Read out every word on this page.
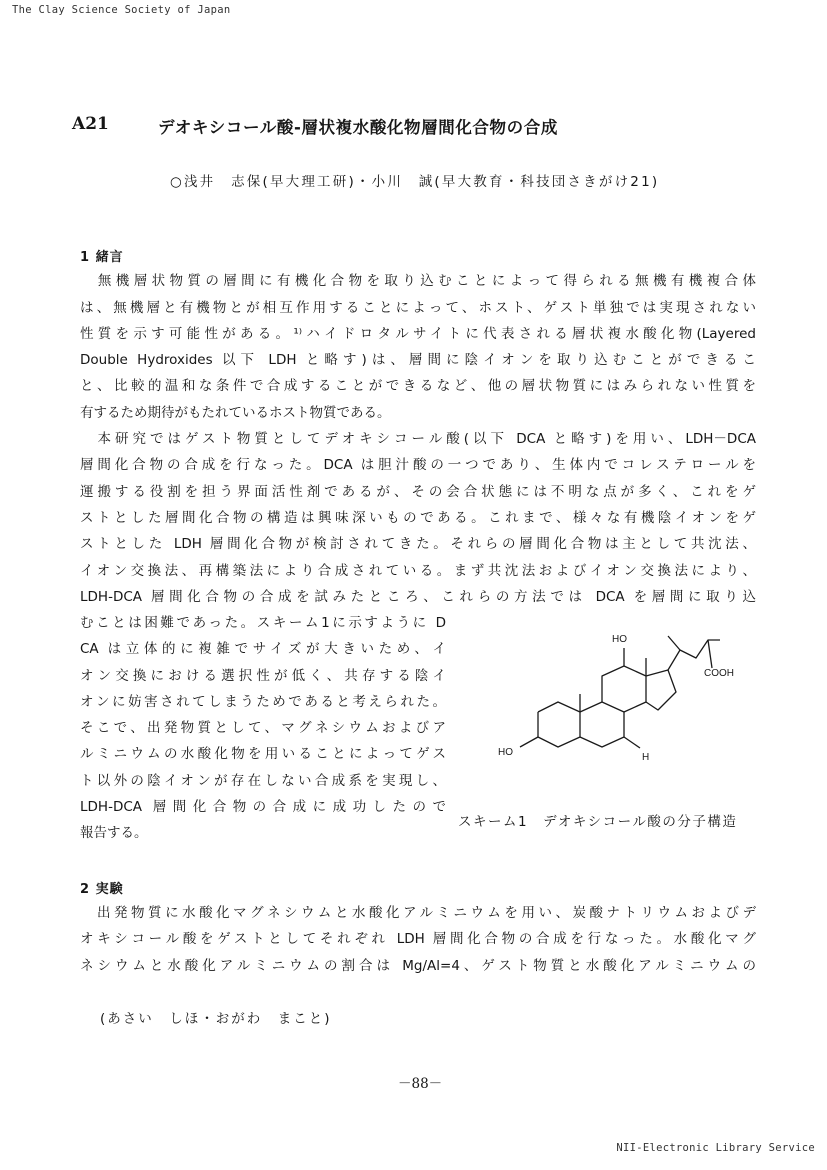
The Clay Science Society of Japan
A21	デオキシコール酸-層状複水酸化物層間化合物の合成
○浅井　志保(早大理工研)・小川　誠(早大教育・科技団さきがけ21)
1 緒言
　無機層状物質の層間に有機化合物を取り込むことによって得られる無機有機複合体
は、無機層と有機物とが相互作用することによって、ホスト、ゲスト単独では実現されない
性質を示す可能性がある。¹⁾ハイドロタルサイトに代表される層状複水酸化物(Layered
Double Hydroxides 以下 LDH と略す)は、層間に陰イオンを取り込むことができるこ
と、比較的温和な条件で合成することができるなど、他の層状物質にはみられない性質を
有するため期待がもたれているホスト物質である。
　本研究ではゲスト物質としてデオキシコール酸(以下 DCA と略す)を用い、LDH－DCA
層間化合物の合成を行なった。DCA は胆汁酸の一つであり、生体内でコレステロールを
運搬する役割を担う界面活性剤であるが、その会合状態には不明な点が多く、これをゲ
ストとした層間化合物の構造は興味深いものである。これまで、様々な有機陰イオンをゲ
ストとした LDH 層間化合物が検討されてきた。それらの層間化合物は主として共沈法、
イオン交換法、再構築法により合成されている。まず共沈法およびイオン交換法により、
LDH-DCA 層間化合物の合成を試みたところ、これらの方法では DCA を層間に取り込
むことは困難であった。スキーム1に示すように D
CA は立体的に複雑でサイズが大きいため、イ
オン交換における選択性が低く、共存する陰イ
オンに妨害されてしまうためであると考えられた。
そこで、出発物質として、マグネシウムおよびア
ルミニウムの水酸化物を用いることによってゲス
ト以外の陰イオンが存在しない合成系を実現し、
LDH-DCA 層間化合物の合成に成功したので
報告する。
HO
COOH
HO	H
スキーム1　デオキシコール酸の分子構造
2 実験
　出発物質に水酸化マグネシウムと水酸化アルミニウムを用い、炭酸ナトリウムおよびデ
オキシコール酸をゲストとしてそれぞれ LDH 層間化合物の合成を行なった。水酸化マグ
ネシウムと水酸化アルミニウムの割合は Mg/Al=4、ゲスト物質と水酸化アルミニウムの
(あさい　しほ・おがわ　まこと)
－88－
NII-Electronic Library Service
